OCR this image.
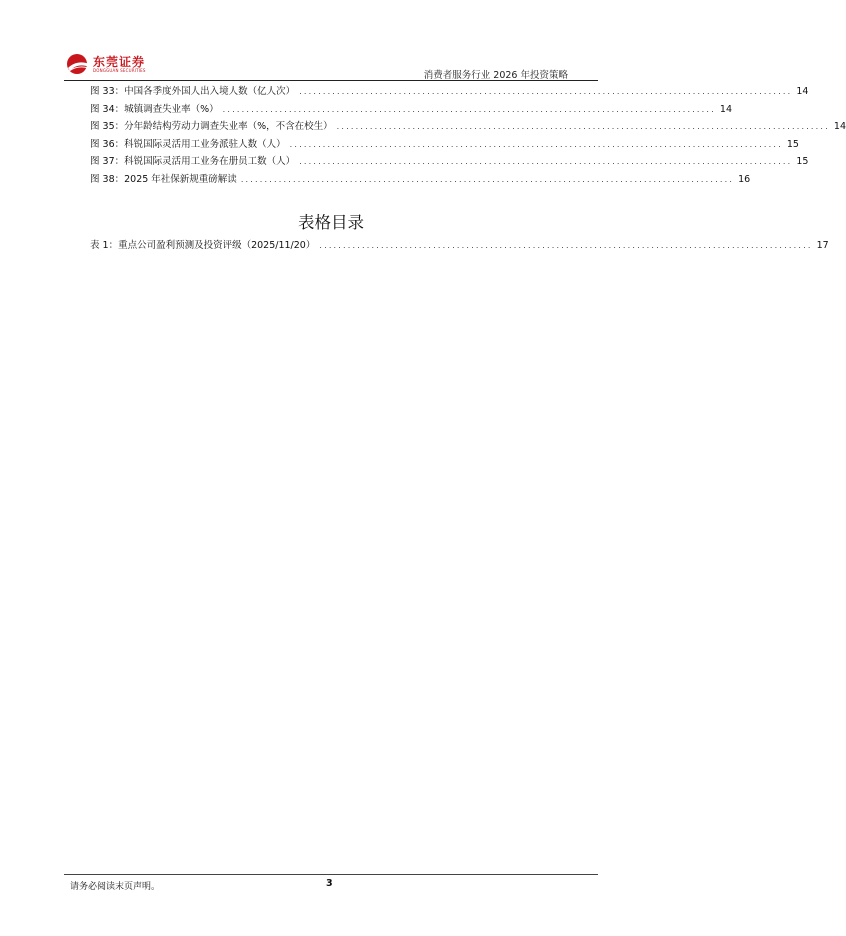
东莞证券
DONGGUAN SECURITIES	消费者服务行业 2026 年投资策略
图 33：中国各季度外国人出入境人数（亿人次） ........................................................................................................ 14
图 34：城镇调查失业率（%） ........................................................................................................ 14
图 35：分年龄结构劳动力调查失业率（%，不含在校生） ........................................................................................................ 14
图 36：科锐国际灵活用工业务派驻人数（人） ........................................................................................................ 15
图 37：科锐国际灵活用工业务在册员工数（人） ........................................................................................................ 15
图 38：2025 年社保新规重磅解读 ........................................................................................................ 16
表格目录
表 1：重点公司盈利预测及投资评级（2025/11/20） ........................................................................................................ 17
请务必阅读末页声明。	3
